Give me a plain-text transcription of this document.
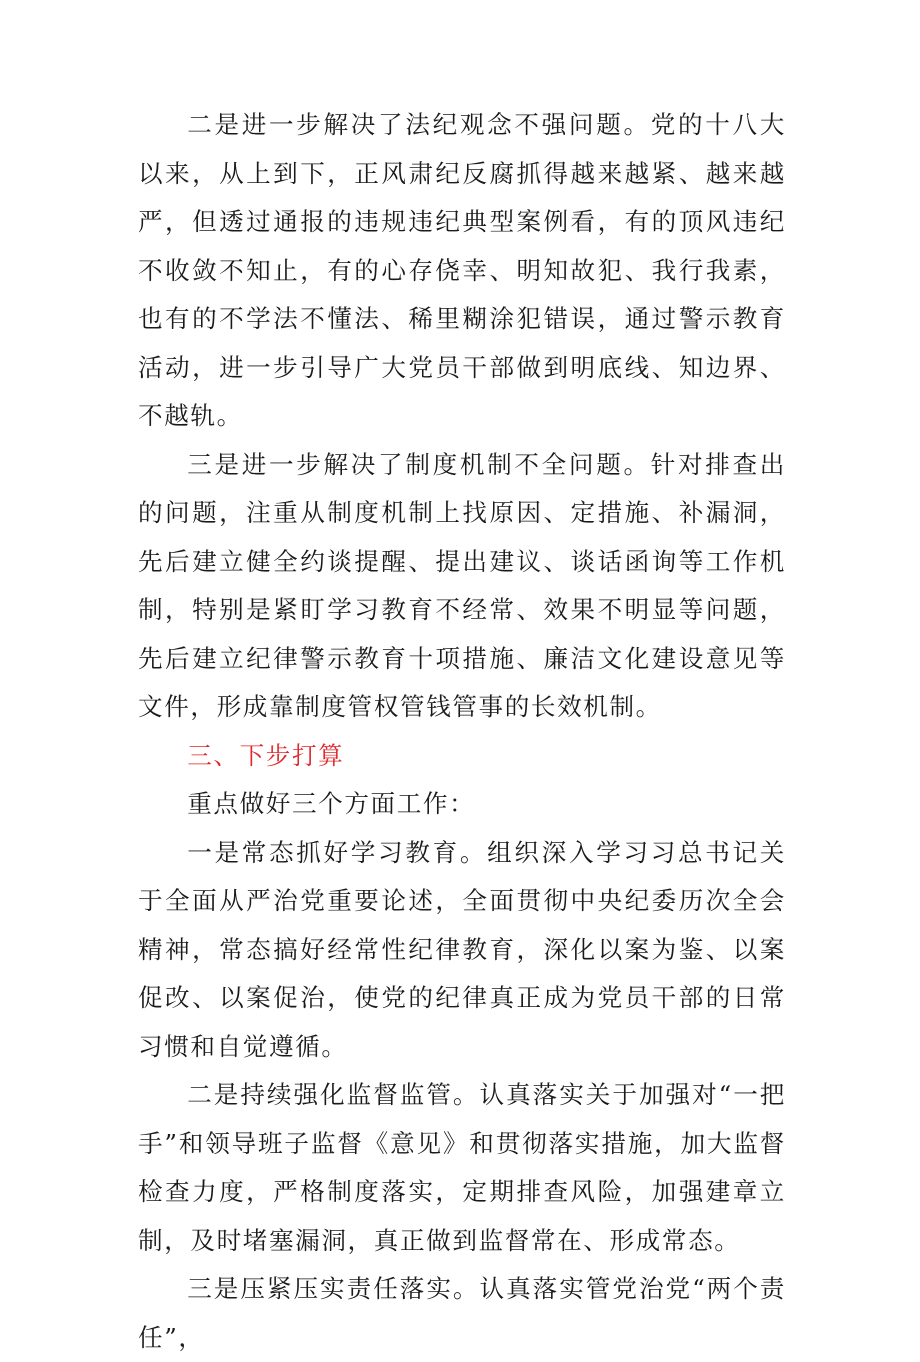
二是进一步解决了法纪观念不强问题。党的十八大以来，从上到下，正风肃纪反腐抓得越来越紧、越来越严，但透过通报的违规违纪典型案例看，有的顶风违纪不收敛不知止，有的心存侥幸、明知故犯、我行我素，也有的不学法不懂法、稀里糊涂犯错误，通过警示教育活动，进一步引导广大党员干部做到明底线、知边界、不越轨。

三是进一步解决了制度机制不全问题。针对排查出的问题，注重从制度机制上找原因、定措施、补漏洞，先后建立健全约谈提醒、提出建议、谈话函询等工作机制，特别是紧盯学习教育不经常、效果不明显等问题，先后建立纪律警示教育十项措施、廉洁文化建设意见等文件，形成靠制度管权管钱管事的长效机制。

三、下步打算

重点做好三个方面工作：

一是常态抓好学习教育。组织深入学习习总书记关于全面从严治党重要论述，全面贯彻中央纪委历次全会精神，常态搞好经常性纪律教育，深化以案为鉴、以案促改、以案促治，使党的纪律真正成为党员干部的日常习惯和自觉遵循。

二是持续强化监督监管。认真落实关于加强对“一把手”和领导班子监督《意见》和贯彻落实措施，加大监督检查力度，严格制度落实，定期排查风险，加强建章立制，及时堵塞漏洞，真正做到监督常在、形成常态。

三是压紧压实责任落实。认真落实管党治党“两个责任”，
